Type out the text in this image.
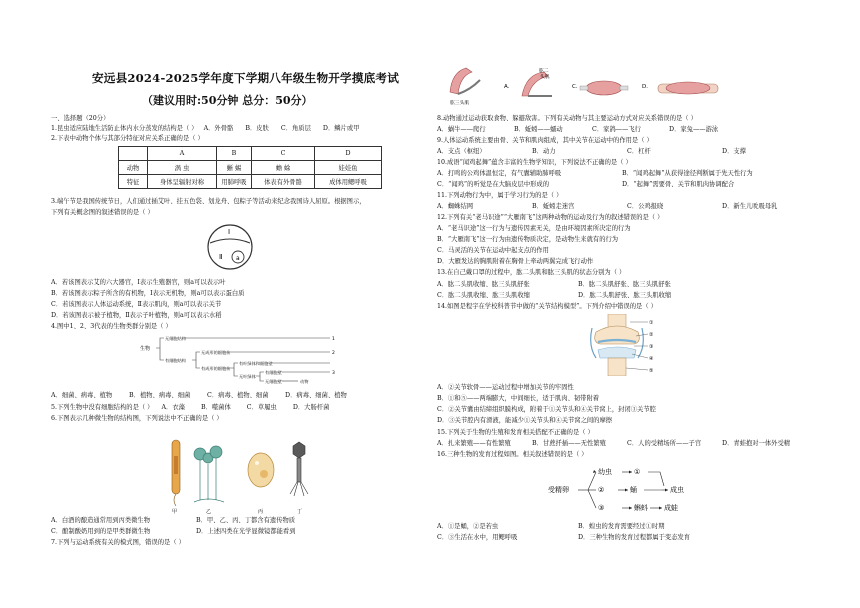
安远县2024-2025学年度下学期八年级生物开学摸底考试
（建议用时:50分钟 总分：50分）
一、选择题（20分）
1.昆虫适应陆地生活防止体内水分蒸发的结构是（ ） A．外骨骼 B．皮肤 C．角质层 D．鳞片或甲
2.下表中动物个体与其部分特征对应关系正确的是（ ）
	A	B	C	D
动物	涡 虫	蜥 蜴	蟾 蜍	娃娃鱼
特征	身体呈辐射对称	用肺呼吸	体表有外骨骼	成体用鳃呼吸
3.端午节是我国传统节日，人们通过插艾叶、挂五色袋、划龙舟、包粽子等活动来纪念我国诗人屈原。根据图示，
下列有关概念图的叙述错误的是（ ）
Ⅰ
Ⅱ a
A．若该图表示艾的六大器官，Ⅰ表示生殖器官，则a可以表示叶
B．若该图表示粽子所含的有机物，Ⅰ表示无机物，则a可以表示蛋白质
C．若该图表示人体运动系统，Ⅱ表示肌肉，则a可以表示关节
D．若该图表示被子植物，Ⅱ表示子叶植物，则a可以表示水稻
4.图中1、2、3代表的生物类群分别是（ ）
生物
无细胞结构
有细胞结构
无成形的细胞核
有成形的细胞核
有叶绿体和细胞壁
无叶绿体
有细胞壁
无细胞壁	动物
1
2
3
A．细菌、病毒、植物	B．植物、病毒、细菌	C．病毒、植物、细菌	D．病毒、细菌、植物
5.下列生物中没有细胞结构的是（ ） A．衣藻	B．噬菌体	C．草履虫	D．大肠杆菌
6.下图表示几种微生物的结构图，下列说法中不正确的是（ ）
甲	乙	丙	丁
A．白酒的酿造通常用到丙类微生物	B．甲、乙、丙、丁都含有遗传物质
C．酿制酸奶用到的是甲类群微生物	D．上述四类在光学显微镜都能看到
7.下列与运动系统有关的模式图，错误的是（ ）
肱三头肌
A.
肱二
头肌
C.	D.
8.动物通过运动获取食物、躲避敌害。下列有关动物与其主要运动方式对应关系错误的是（ ）
A．蜗牛——爬行	B．蚯蚓——蠕动	C．家鸽——飞行	D．家兔——游泳
9.人体运动系统主要由骨、关节和肌肉组成，其中关节在运动中的作用是（ ）
A．支点（枢纽）	B．动力	C．杠杆	D．支撑
10.成语“闻鸡起舞”蕴含丰富的生物学知识，下列说法不正确的是（ ）
A．打鸣的公鸡体温恒定，有气囊辅助肺呼吸	B．“闻鸡起舞”从获得途径判断属于先天性行为
C．“闻鸡”的听觉是在大脑皮层中形成的	D．“起舞”需要骨、关节和肌肉协调配合
11.下列动物行为中，属于学习行为的是（ ）
A．蜘蛛结网	B．蚯蚓走迷宫	C．公鸡报晓	D．新生儿吮吸母乳
12.下列有关“老马识途”“大雁南飞”这两种动物的运动及行为的叙述错误的是（ ）
A．“老马识途”这一行为与遗传因素无关，是由环境因素所决定的行为
B．“大雁南飞”这一行为由遗传物质决定，是动物生来就有的行为
C．马灵活的关节在运动中起支点的作用
D．大雁发达的胸肌附着在胸骨上牵动两翼完成飞行动作
13.在自己戴口罩的过程中，肱二头肌和肱三头肌的状态分别为（ ）
A．肱二头肌收缩、肱三头肌舒张	B．肱二头肌舒张、肱三头肌舒张
C．肱二头肌收缩、肱三头肌收缩	D．肱二头肌舒张、肱三头肌收缩
14.如图是程宇在学校科普节中做的“关节结构模型”。下列介绍中错误的是（ ）
①
②
③
④
⑤
A．②关节软骨——运动过程中增加关节的牢固性
B．①和⑤——两端膨大，中间细长，适于肌肉、韧带附着
C．②关节囊由结缔组织膜构成，附着于①关节头和④关节窝上，封闭③关节腔
D．③关节腔内有滑液，能减少①关节头和④关节窝之间的摩擦
15.下列关于生物的生殖和发育相关搭配不正确的是（ ）
A．扎来繁殖——有性繁殖	B．甘蔗扦插——无性繁殖	C．人的受精场所——子宫	D．青蛙抱对一体外受精
16.三种生物的发育过程如图。相关叙述错误的是（ ）
受精卵
幼虫	①
②	蛹	成虫
③	蝌蚪 成蛙
A．①是蛹，②是若虫	B．蝗虫的发育需要经过①时期
C．③生活在水中，用鳃呼吸	D．三种生物的发育过程都属于变态发育
